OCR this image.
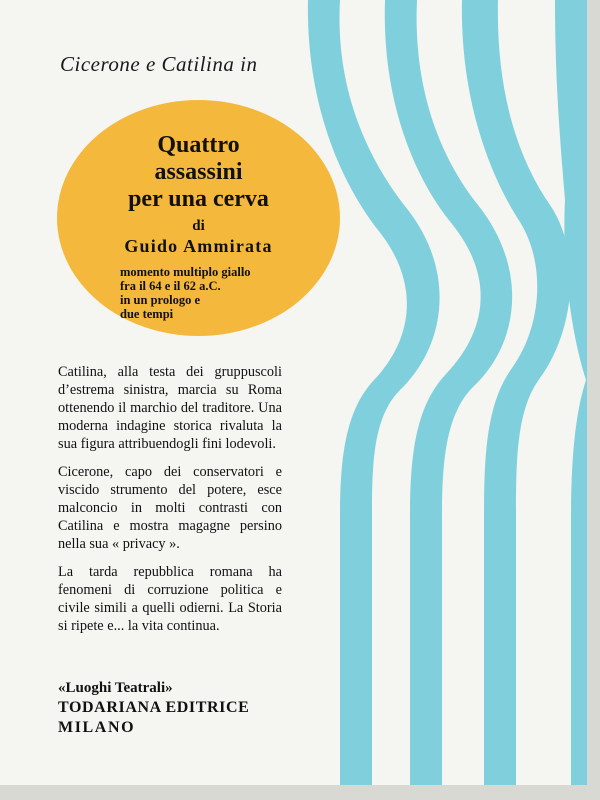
Cicerone e Catilina in
Quattro
assassini
per una cerva
di
Guido Ammirata
momento multiplo giallo
fra il 64 e il 62 a.C.
in un prologo e
due tempi

Catilina, alla testa dei gruppuscoli d’estrema sinistra, marcia su Roma ottenendo il marchio del traditore. Una moderna indagine storica rivaluta la sua figura attribuendogli fini lodevoli.

Cicerone, capo dei conservatori e viscido strumento del potere, esce malconcio in molti contrasti con Catilina e mostra magagne persino nella sua « privacy ».

La tarda repubblica romana ha fenomeni di corruzione politica e civile simili a quelli odierni. La Storia si ripete e... la vita continua.

«Luoghi Teatrali»
TODARIANA EDITRICE
MILANO
